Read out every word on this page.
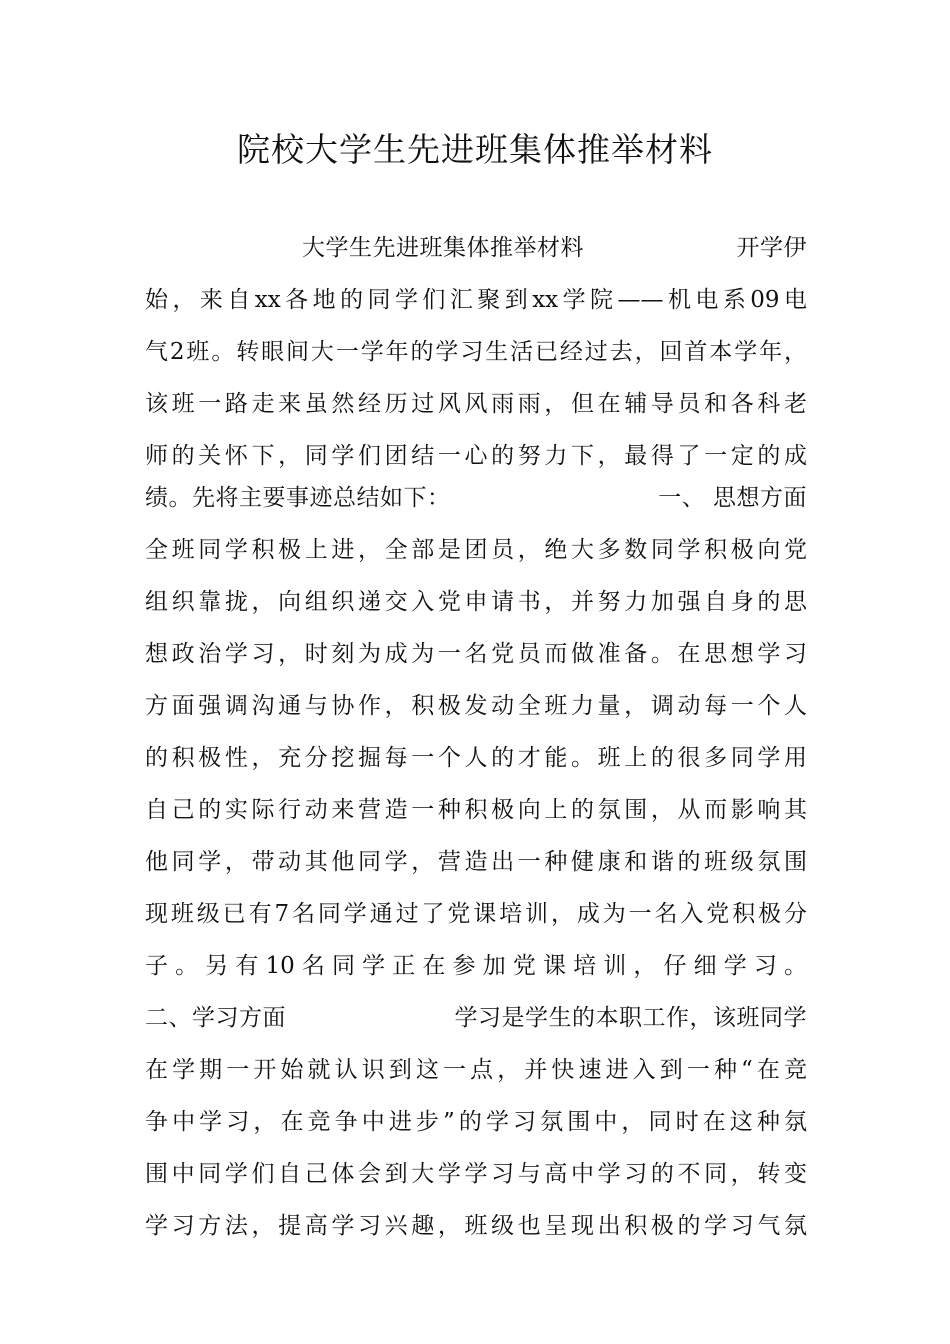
院校大学生先进班集体推举材料
大学生先进班集体推举材料	开学伊
始，来自xx各地的同学们汇聚到xx学院——机电系09电
气2班。转眼间大一学年的学习生活已经过去，回首本学年，
该班一路走来虽然经历过风风雨雨，但在辅导员和各科老
师的关怀下，同学们团结一心的努力下，最得了一定的成
绩。先将主要事迹总结如下：	一、 思想方面
全班同学积极上进，全部是团员，绝大多数同学积极向党
组织靠拢，向组织递交入党申请书，并努力加强自身的思
想政治学习，时刻为成为一名党员而做准备。在思想学习
方面强调沟通与协作，积极发动全班力量，调动每一个人
的积极性，充分挖掘每一个人的才能。班上的很多同学用
自己的实际行动来营造一种积极向上的氛围，从而影响其
他同学，带动其他同学，营造出一种健康和谐的班级氛围
现班级已有7名同学通过了党课培训，成为一名入党积极分
子。另有10名同学正在参加党课培训，仔细学习。
二、学习方面	学习是学生的本职工作，该班同学
在学期一开始就认识到这一点，并快速进入到一种“在竞
争中学习，在竞争中进步”的学习氛围中，同时在这种氛
围中同学们自己体会到大学学习与高中学习的不同，转变
学习方法，提高学习兴趣，班级也呈现出积极的学习气氛
